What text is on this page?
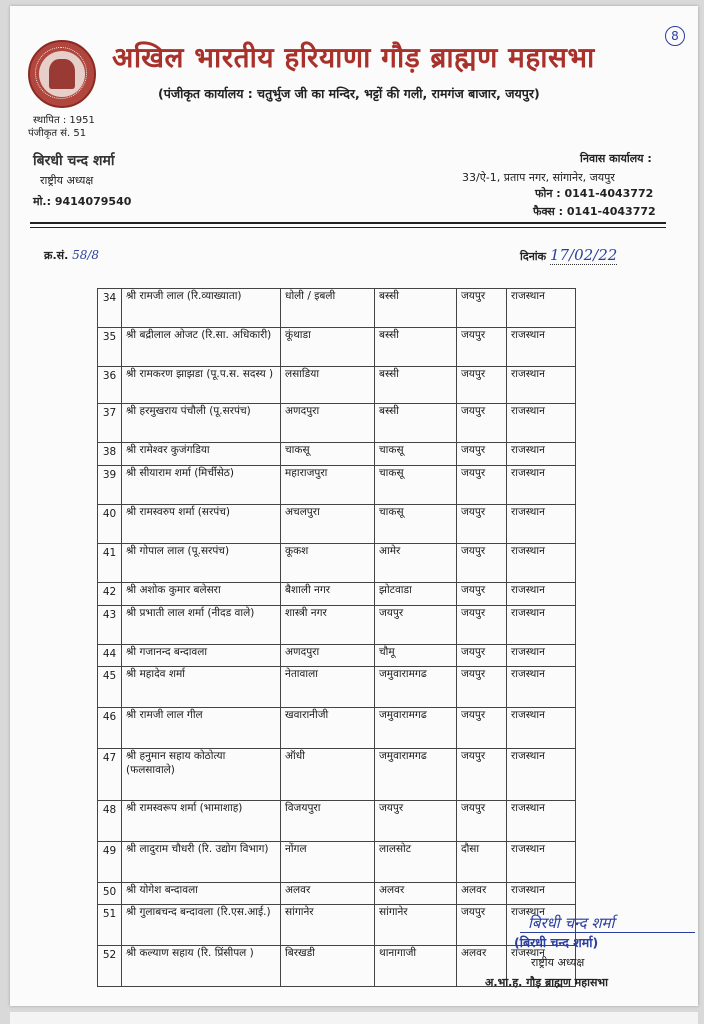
8
अखिल भारतीय हरियाणा गौड़ ब्राह्मण महासभा
(पंजीकृत कार्यालय : चतुर्भुज जी का मन्दिर, भट्टों की गली, रामगंज बाजार, जयपुर)
स्थापित : 1951
पंजीकृत सं. 51
बिरधी चन्द शर्मा
राष्ट्रीय अध्यक्ष
मो.: 9414079540
निवास कार्यालय :
33/ऐ-1, प्रताप नगर, सांगानेर, जयपुर
फोन : 0141-4043772
फैक्स : 0141-4043772
क्र.सं. 58/8	दिनांक 17/02/22
34	श्री रामजी लाल (रि.व्याख्याता)	धोली / इबली	बस्सी	जयपुर	राजस्थान
35	श्री बद्रीलाल ओजट (रि.सा. अधिकारी)	कूंथाडा	बस्सी	जयपुर	राजस्थान
36	श्री रामकरण झाझडा (पू.प.स. सदस्य )	लसाडिया	बस्सी	जयपुर	राजस्थान
37	श्री हरमुखराय पंचौली (पू.सरपंच)	अणदपुरा	बस्सी	जयपुर	राजस्थान
38	श्री रामेश्वर कुजंगडिया	चाकसू	चाकसू	जयपुर	राजस्थान
39	श्री सीयाराम शर्मा (मिर्चीसेठ)	महाराजपुरा	चाकसू	जयपुर	राजस्थान
40	श्री रामस्वरुप शर्मा (सरपंच)	अचलपुरा	चाकसू	जयपुर	राजस्थान
41	श्री गोपाल लाल (पू.सरपंच)	कूकश	आमेर	जयपुर	राजस्थान
42	श्री अशोक कुमार बलेसरा	बैशाली नगर	झोटवाडा	जयपुर	राजस्थान
43	श्री प्रभाती लाल शर्मा (नीदड वाले)	शास्त्री नगर	जयपुर	जयपुर	राजस्थान
44	श्री गजानन्द बन्दावला	अणदपुरा	चौमू	जयपुर	राजस्थान
45	श्री महादेव शर्मा	नेतावाला	जमुवारामगढ	जयपुर	राजस्थान
46	श्री रामजी लाल गील	खवारानीजी	जमुवारामगढ	जयपुर	राजस्थान
47	श्री हनुमान सहाय कोठोत्या (फलसावाले)	ऑधी	जमुवारामगढ	जयपुर	राजस्थान
48	श्री रामस्वरूप शर्मा (भामाशाह)	विजयपुरा	जयपुर	जयपुर	राजस्थान
49	श्री लादुराम चौधरी (रि. उद्योग विभाग)	नोंगल	लालसोट	दौसा	राजस्थान
50	श्री योगेश बन्दावला	अलवर	अलवर	अलवर	राजस्थान
51	श्री गुलाबचन्द बन्दावला (रि.एस.आई.)	सांगानेर	सांगानेर	जयपुर	राजस्थान
52	श्री कल्याण सहाय (रि. प्रिंसीपल )	बिरखडी	थानागाजी	अलवर	राजस्थान
बिरधी चन्द शर्मा
(बिरधी चन्द शर्मा)
राष्ट्रीय अध्यक्ष
अ.भा.ह. गौड़ ब्राह्मण महासभा
